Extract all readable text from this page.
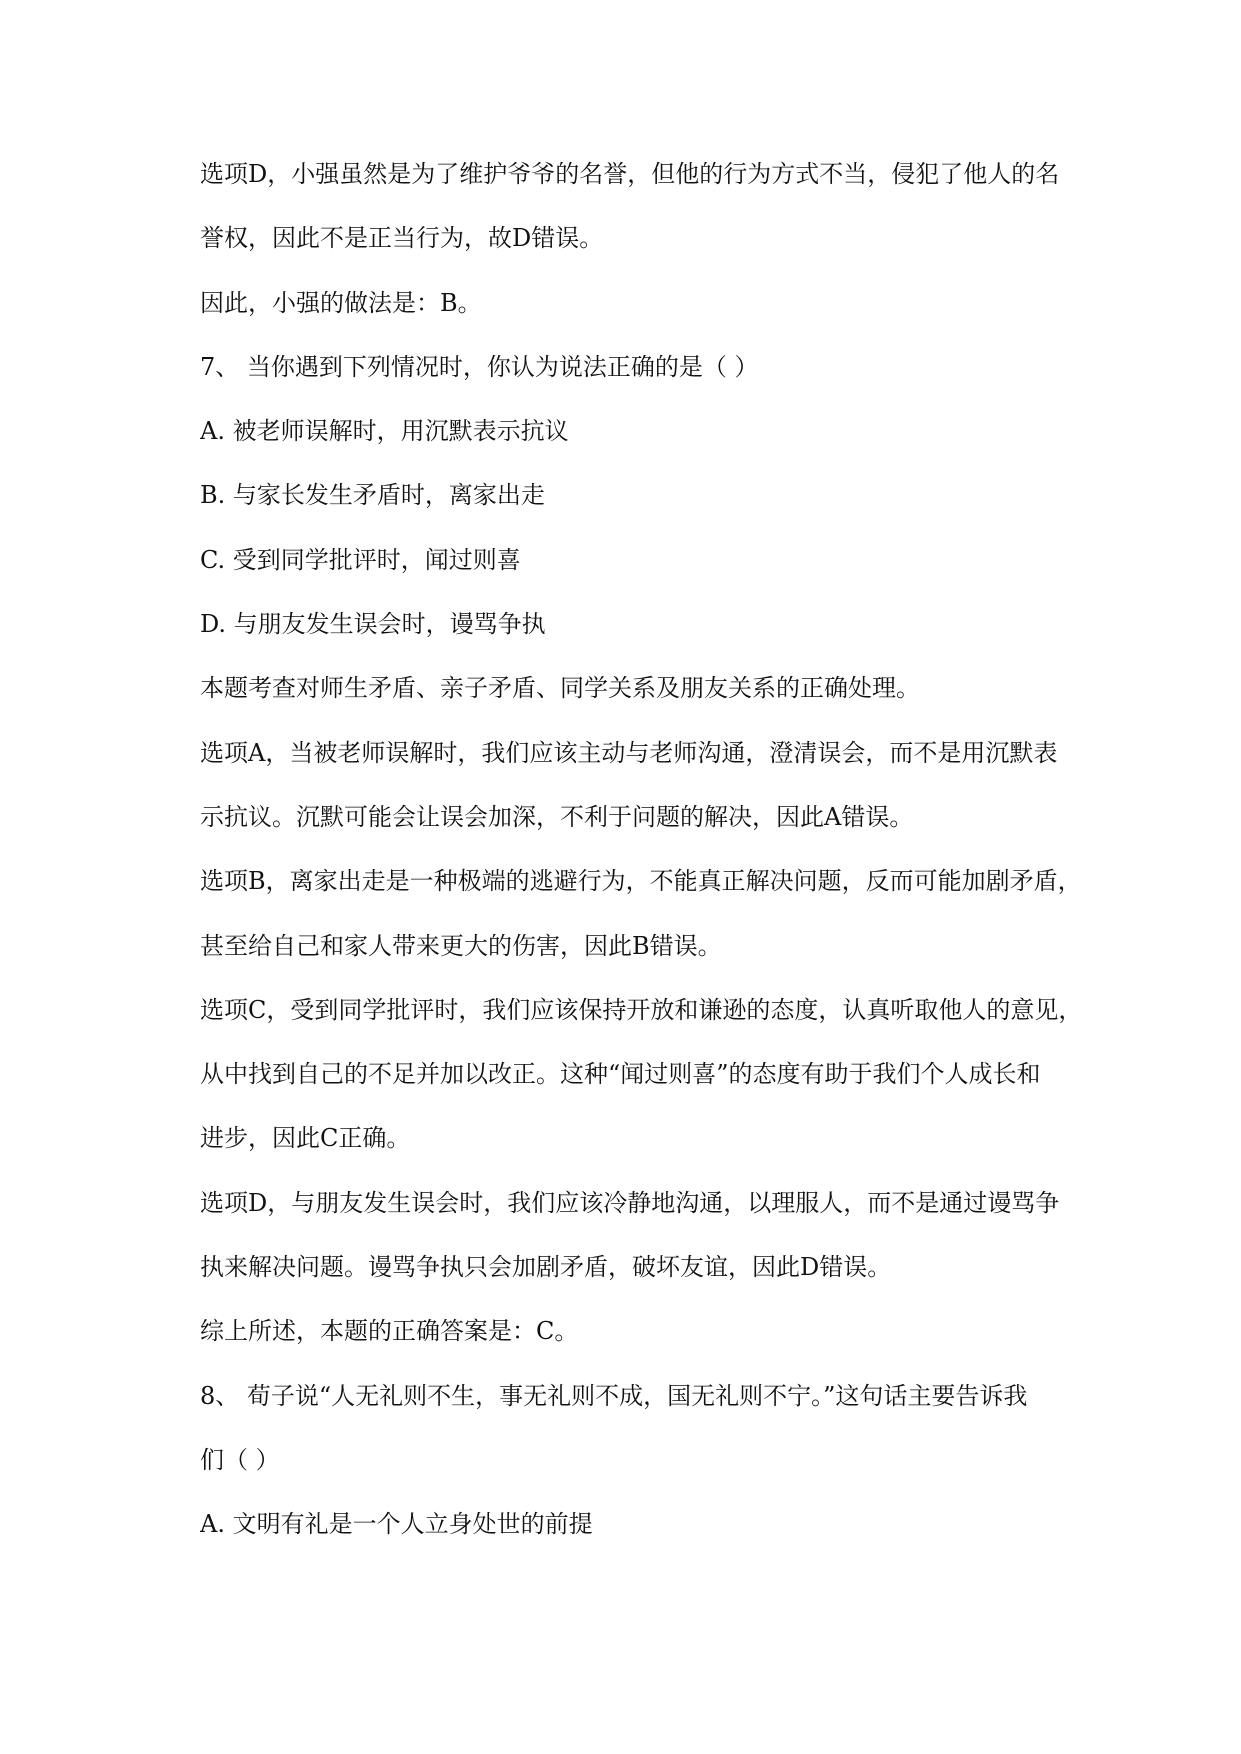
选项D，小强虽然是为了维护爷爷的名誉，但他的行为方式不当，侵犯了他人的名
誉权，因此不是正当行为，故D错误。
因此，小强的做法是：B。
7、 当你遇到下列情况时，你认为说法正确的是（ ）
A. 被老师误解时，用沉默表示抗议
B. 与家长发生矛盾时，离家出走
C. 受到同学批评时，闻过则喜
D. 与朋友发生误会时，谩骂争执
本题考查对师生矛盾、亲子矛盾、同学关系及朋友关系的正确处理。
选项A，当被老师误解时，我们应该主动与老师沟通，澄清误会，而不是用沉默表
示抗议。沉默可能会让误会加深，不利于问题的解决，因此A错误。
选项B，离家出走是一种极端的逃避行为，不能真正解决问题，反而可能加剧矛盾，
甚至给自己和家人带来更大的伤害，因此B错误。
选项C，受到同学批评时，我们应该保持开放和谦逊的态度，认真听取他人的意见，
从中找到自己的不足并加以改正。这种“闻过则喜”的态度有助于我们个人成长和
进步，因此C正确。
选项D，与朋友发生误会时，我们应该冷静地沟通，以理服人，而不是通过谩骂争
执来解决问题。谩骂争执只会加剧矛盾，破坏友谊，因此D错误。
综上所述，本题的正确答案是：C。
8、 荀子说“人无礼则不生，事无礼则不成，国无礼则不宁。”这句话主要告诉我
们（ ）
A. 文明有礼是一个人立身处世的前提
